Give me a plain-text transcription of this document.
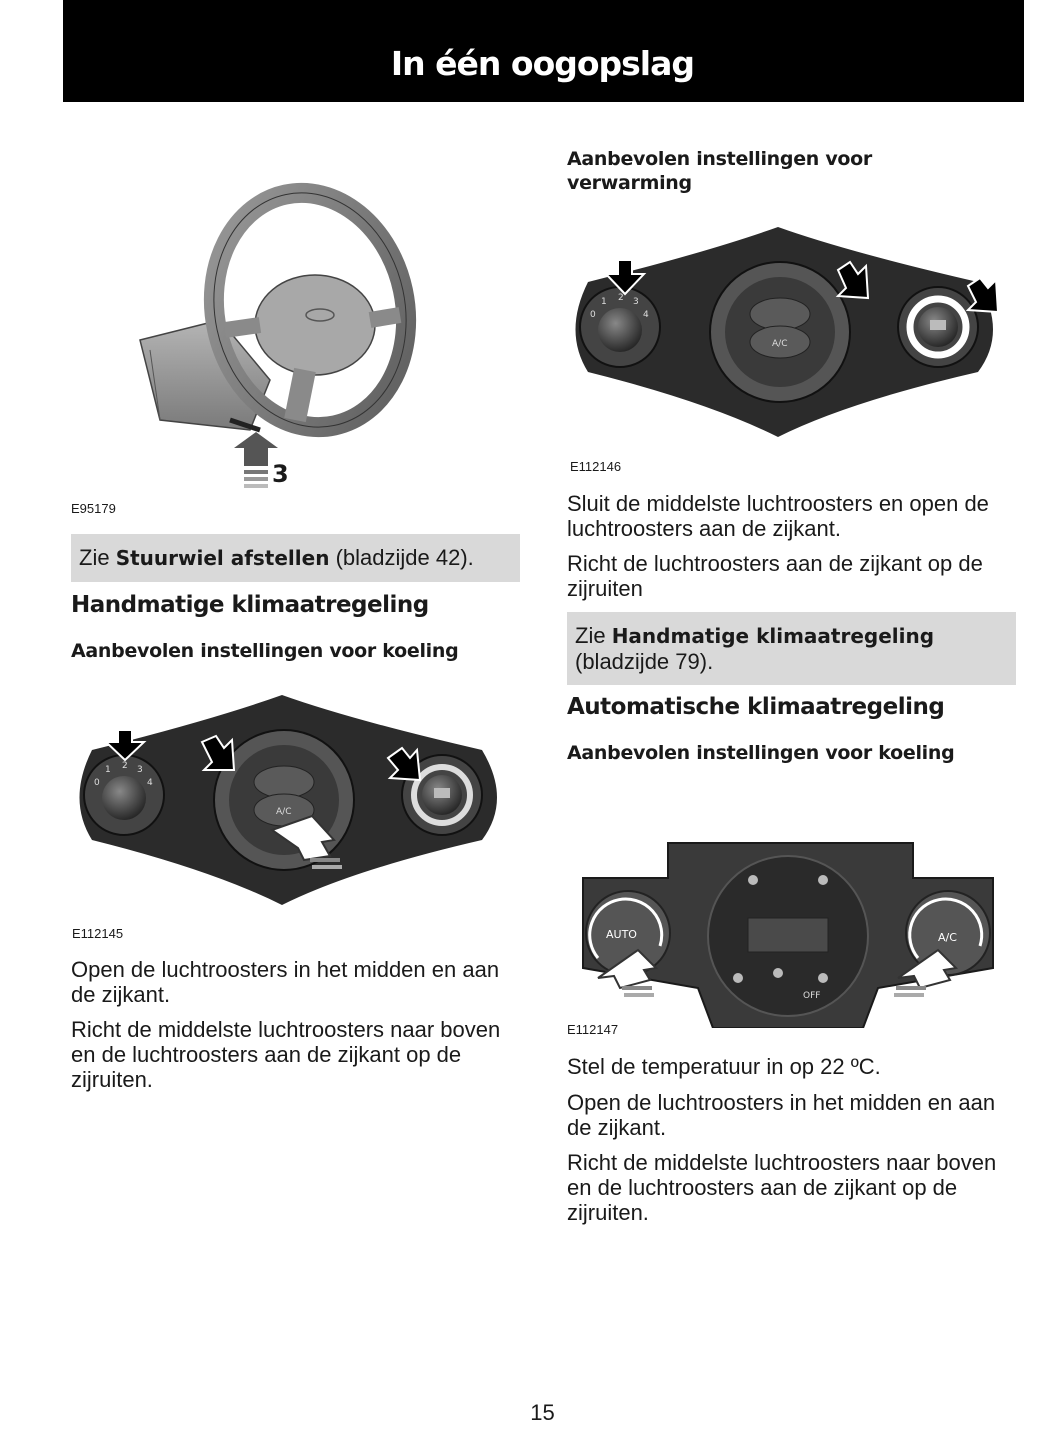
In één oogopslag
3
E95179
Zie Stuurwiel afstellen (bladzijde 42).
Handmatige klimaatregeling
Aanbevolen instellingen voor koeling
0
1 2 3
4
A/C
E112145

Open de luchtroosters in het midden en aan de zijkant.

Richt de middelste luchtroosters naar boven en de luchtroosters aan de zijkant op de zijruiten.

Aanbevolen instellingen voor verwarming
0
1 2 3
4
A/C
E112146

Sluit de middelste luchtroosters en open de luchtroosters aan de zijkant.

Richt de luchtroosters aan de zijkant op de zijruiten

Zie Handmatige klimaatregeling
(bladzijde 79).
Automatische klimaatregeling
Aanbevolen instellingen voor koeling
AUTO
OFF
A/C
E112147

Stel de temperatuur in op 22 ºC.

Open de luchtroosters in het midden en aan de zijkant.

Richt de middelste luchtroosters naar boven en de luchtroosters aan de zijkant op de zijruiten.

15
